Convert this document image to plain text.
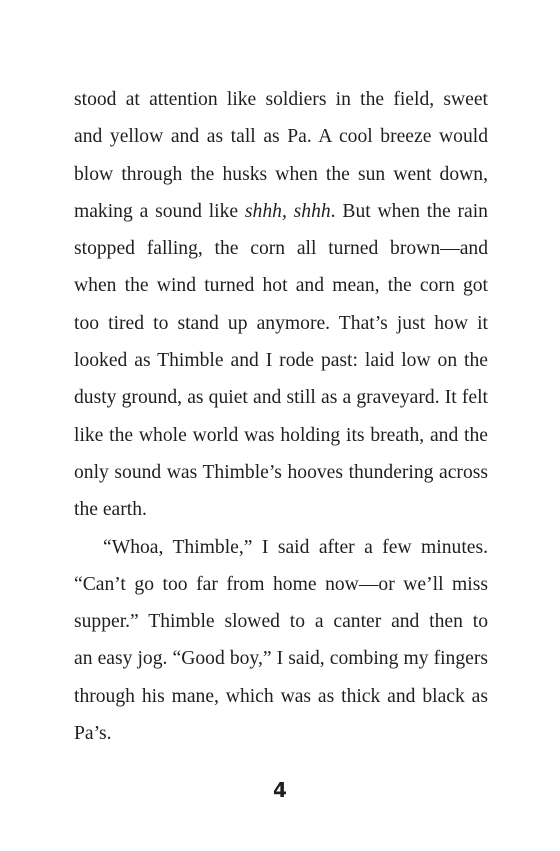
stood at attention like soldiers in the field, sweet
and yellow and as tall as Pa. A cool breeze would
blow through the husks when the sun went down,
making a sound like shhh, shhh. But when the rain
stopped falling, the corn all turned brown—and
when the wind turned hot and mean, the corn got
too tired to stand up anymore. That’s just how it
looked as Thimble and I rode past: laid low on the
dusty ground, as quiet and still as a graveyard. It felt
like the whole world was holding its breath, and the
only sound was Thimble’s hooves thundering across
the earth.
“Whoa, Thimble,” I said after a few minutes.
“Can’t go too far from home now—or we’ll miss
supper.” Thimble slowed to a canter and then to
an easy jog. “Good boy,” I said, combing my fingers
through his mane, which was as thick and black as
Pa’s.
4
